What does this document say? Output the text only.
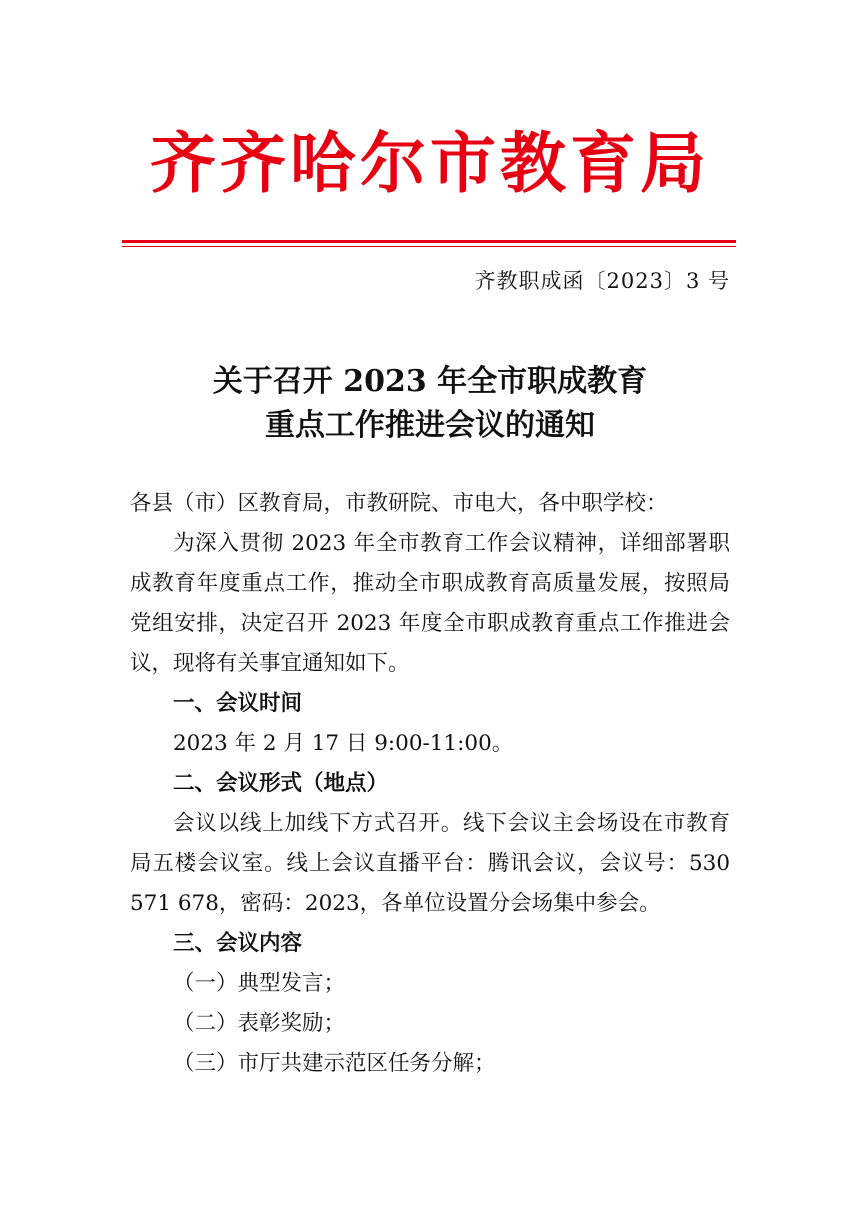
齐齐哈尔市教育局
齐教职成函〔2023〕3 号
关于召开 2023 年全市职成教育
重点工作推进会议的通知

各县（市）区教育局，市教研院、市电大，各中职学校：

为深入贯彻 2023 年全市教育工作会议精神，详细部署职成教育年度重点工作，推动全市职成教育高质量发展，按照局党组安排，决定召开 2023 年度全市职成教育重点工作推进会议，现将有关事宜通知如下。

一、会议时间

2023 年 2 月 17 日 9:00-11:00。

二、会议形式（地点）

会议以线上加线下方式召开。线下会议主会场设在市教育局五楼会议室。线上会议直播平台：腾讯会议，会议号：530 571 678，密码：2023，各单位设置分会场集中参会。

三、会议内容

（一）典型发言；

（二）表彰奖励；

（三）市厅共建示范区任务分解；
